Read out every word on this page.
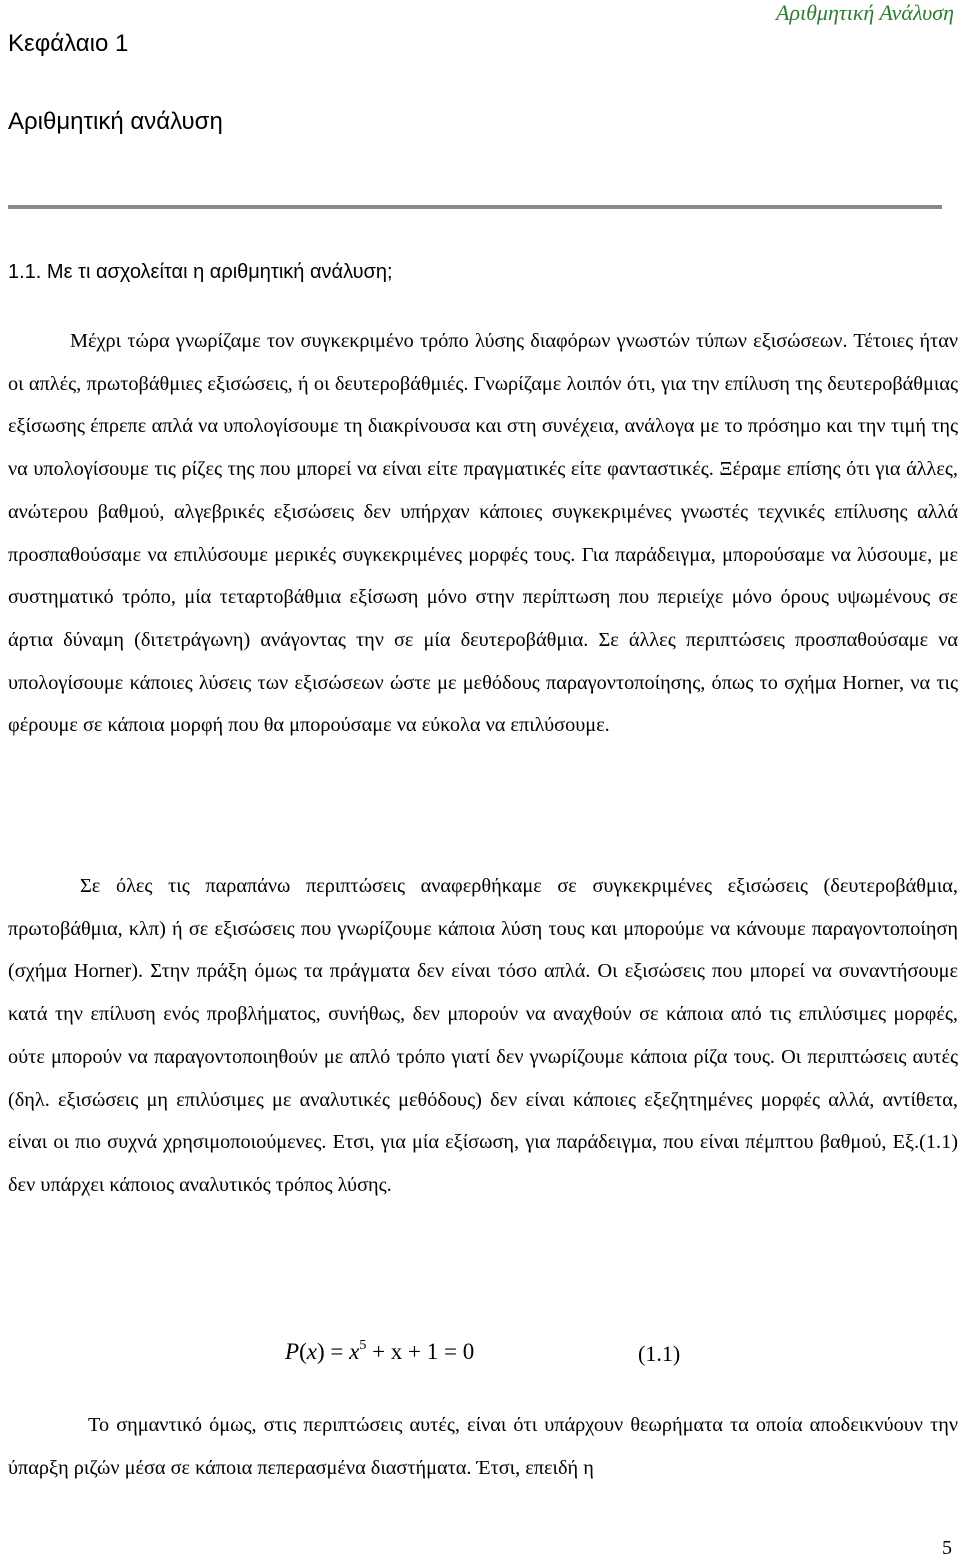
Αριθμητική Ανάλυση
Κεφάλαιο 1
Αριθμητική ανάλυση
1.1. Με τι ασχολείται η αριθμητική ανάλυση;

Μέχρι τώρα γνωρίζαμε τον συγκεκριμένο τρόπο λύσης διαφόρων γνωστών τύπων εξισώσεων. Τέτοιες ήταν οι απλές, πρωτοβάθμιες εξισώσεις, ή οι δευτεροβάθμιές. Γνωρίζαμε λοιπόν ότι, για την επίλυση της δευτεροβάθμιας εξίσωσης έπρεπε απλά να υπολογίσουμε τη διακρίνουσα και στη συνέχεια, ανάλογα με το πρόσημο και την τιμή της να υπολογίσουμε τις ρίζες της που μπορεί να είναι είτε πραγματικές είτε φανταστικές. Ξέραμε επίσης ότι για άλλες, ανώτερου βαθμού, αλγεβρικές εξισώσεις δεν υπήρχαν κάποιες συγκεκριμένες γνωστές τεχνικές επίλυσης αλλά προσπαθούσαμε να επιλύσουμε μερικές συγκεκριμένες μορφές τους. Για παράδειγμα, μπορούσαμε να λύσουμε, με συστηματικό τρόπο, μία τεταρτοβάθμια εξίσωση μόνο στην περίπτωση που περιείχε μόνο όρους υψωμένους σε άρτια δύναμη (διτετράγωνη) ανάγοντας την σε μία δευτεροβάθμια. Σε άλλες περιπτώσεις προσπαθούσαμε να υπολογίσουμε κάποιες λύσεις των εξισώσεων ώστε με μεθόδους παραγοντοποίησης, όπως το σχήμα Horner, να τις φέρουμε σε κάποια μορφή που θα μπορούσαμε να εύκολα να επιλύσουμε.

Σε όλες τις παραπάνω περιπτώσεις αναφερθήκαμε σε συγκεκριμένες εξισώσεις (δευτεροβάθμια, πρωτοβάθμια, κλπ) ή σε εξισώσεις που γνωρίζουμε κάποια λύση τους και μπορούμε να κάνουμε παραγοντοποίηση (σχήμα Horner). Στην πράξη όμως τα πράγματα δεν είναι τόσο απλά. Οι εξισώσεις που μπορεί να συναντήσουμε κατά την επίλυση ενός προβλήματος, συνήθως, δεν μπορούν να αναχθούν σε κάποια από τις επιλύσιμες μορφές, ούτε μπορούν να παραγοντοποιηθούν με απλό τρόπο γιατί δεν γνωρίζουμε κάποια ρίζα τους. Οι περιπτώσεις αυτές (δηλ. εξισώσεις μη επιλύσιμες με αναλυτικές μεθόδους) δεν είναι κάποιες εξεζητημένες μορφές αλλά, αντίθετα, είναι οι πιο συχνά χρησιμοποιούμενες. Ετσι, για μία εξίσωση, για παράδειγμα, που είναι πέμπτου βαθμού, Εξ.(1.1) δεν υπάρχει κάποιος αναλυτικός τρόπος λύσης.

$P(x) = x^5 + x + 1 = 0$	(1.1)

Το σημαντικό όμως, στις περιπτώσεις αυτές, είναι ότι υπάρχουν θεωρήματα τα οποία αποδεικνύουν την ύπαρξη ριζών μέσα σε κάποια πεπερασμένα διαστήματα. Έτσι, επειδή η

5
